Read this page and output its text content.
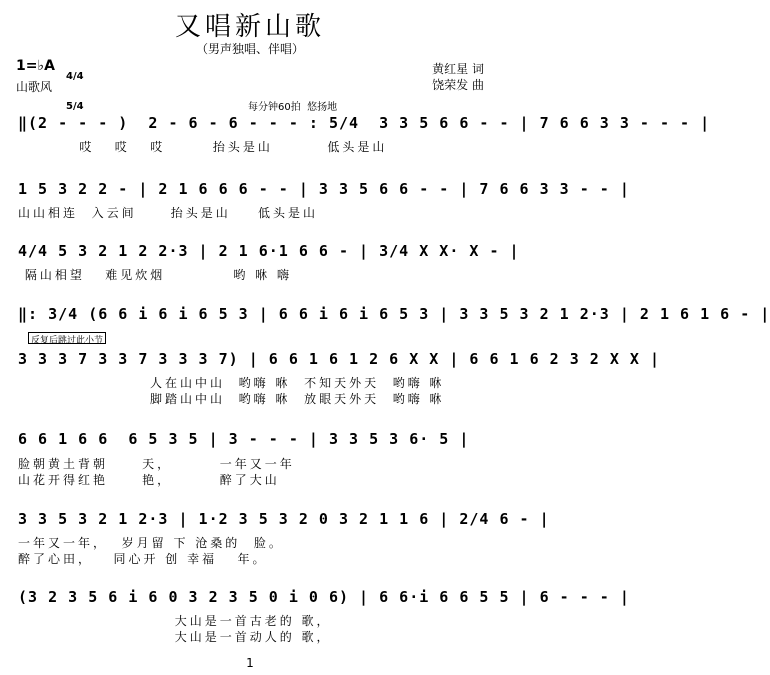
又唱新山歌
（男声独唱、伴唱）
1=♭A

4/4

5/4

山歌风
黄红星 词
饶荣发 曲
每分钟60拍  悠扬地
‖(2 - - - )  2 - 6 - 6 - - - : 5/4  3 3 5 6 6 - - | 7 6 6 3 3 - - - |
哎   哎   哎       抬头是山        低头是山
1 5 3 2 2 - | 2 1 6 6 6 - - | 3 3 5 6 6 - - | 7 6 6 3 3 - - |
山山相连  入云间     抬头是山    低头是山
4/4 5 3 2 1 2 2·3 | 2 1 6·1 6 6 - | 3/4 X X· X - |
隔山相望   难见炊烟          哟 咻 嗨
‖: 3/4 (6 6 i 6 i 6 5 3 | 6 6 i 6 i 6 5 3 | 3 3 5 3 2 1 2·3 | 2 1 6 1 6 - |
反复后跳过此小节
3 3 3 7 3 3 7 3 3 3 7) | 6 6 1 6 1 2 6 X X | 6 6 1 6 2 3 2 X X |
人在山中山  哟嗨 咻  不知天外天  哟嗨 咻
脚踏山中山  哟嗨 咻  放眼天外天  哟嗨 咻
6 6 1 6 6  6 5 3 5 | 3 - - - | 3 3 5 3 6· 5 |
脸朝黄土背朝     天，       一年又一年
山花开得红艳     艳，       醉了大山
3 3 5 3 2 1 2·3 | 1·2 3 5 3 2 0 3 2 1 1 6 | 2/4 6 - |
一年又一年，  岁月留 下 沧桑的  脸。
醉了心田，   同心开 创 幸福   年。
(3 2 3 5 6 i 6 0 3 2 3 5 0 i 0 6) | 6 6·i 6 6 5 5 | 6 - - - |
大山是一首古老的 歌，
大山是一首动人的 歌，
1
